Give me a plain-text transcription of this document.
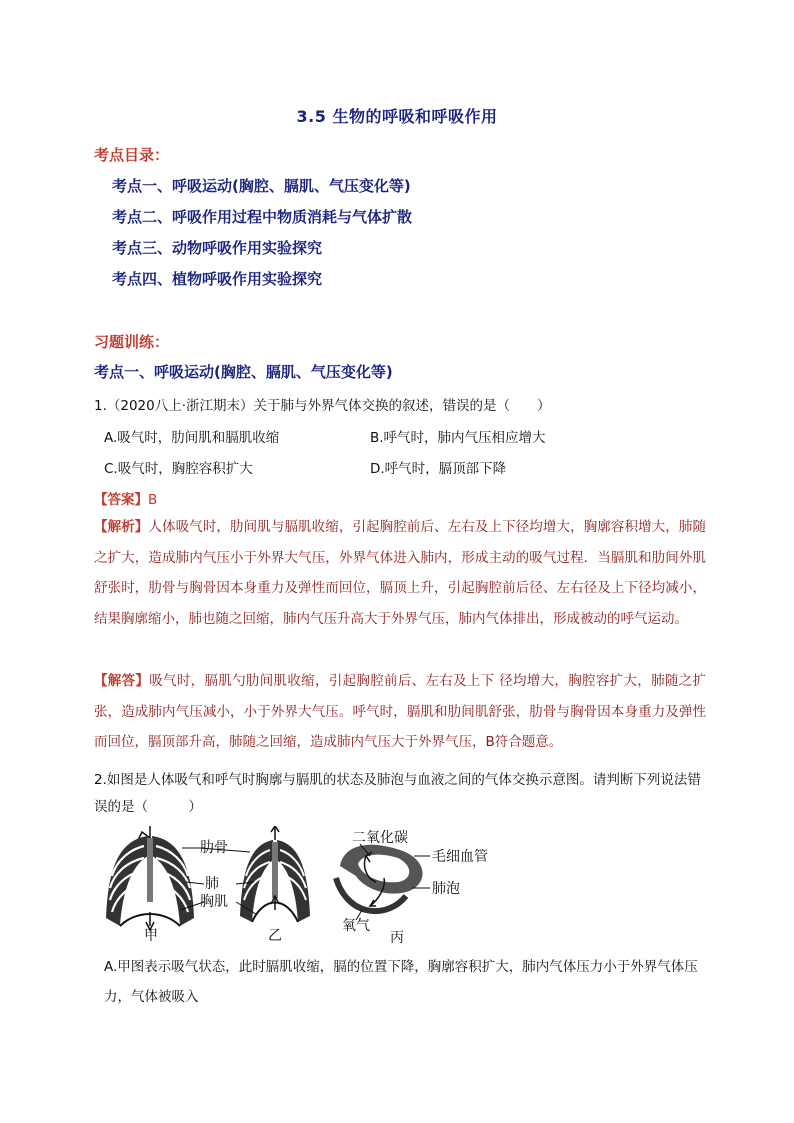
3.5 生物的呼吸和呼吸作用
考点目录：
考点一、呼吸运动(胸腔、膈肌、气压变化等)
考点二、呼吸作用过程中物质消耗与气体扩散
考点三、动物呼吸作用实验探究
考点四、植物呼吸作用实验探究
习题训练：
考点一、呼吸运动(胸腔、膈肌、气压变化等)
1.（2020八上·浙江期末）关于肺与外界气体交换的叙述，错误的是（　　）
A.吸气时，肋间肌和膈肌收缩	B.呼气时，肺内气压相应增大
C.吸气时，胸腔容积扩大	D.呼气时，膈顶部下降
【答案】B
【解析】人体吸气时，肋间肌与膈肌收缩，引起胸腔前后、左右及上下径均增大，胸廓容积增大，肺随之扩大，造成肺内气压小于外界大气压，外界气体进入肺内，形成主动的吸气过程．当膈肌和肋间外肌舒张时，肋骨与胸骨因本身重力及弹性而回位，膈顶上升，引起胸腔前后径、左右径及上下径均减小，结果胸廓缩小，肺也随之回缩，肺内气压升高大于外界气压，肺内气体排出，形成被动的呼气运动。
【解答】吸气时，膈肌勺肋间肌收缩，引起胸腔前后、左右及上下 径均增大，胸腔容扩大，肺随之扩张，造成肺内气压减小，小于外界大气压。呼气时，膈肌和肋间肌舒张，肋骨与胸骨因本身重力及弹性而回位，膈顶部升高，肺随之回缩，造成肺内气压大于外界气压，B符合题意。
2.如图是人体吸气和呼气时胸廓与膈肌的状态及肺泡与血液之间的气体交换示意图。请判断下列说法错误的是（　　　）
肋骨
肺
胸肌
甲	乙
二氧化碳
毛细血管
肺泡
氧气
丙
A.甲图表示吸气状态，此时膈肌收缩，膈的位置下降，胸廓容积扩大，肺内气体压力小于外界气体压力，气体被吸入
